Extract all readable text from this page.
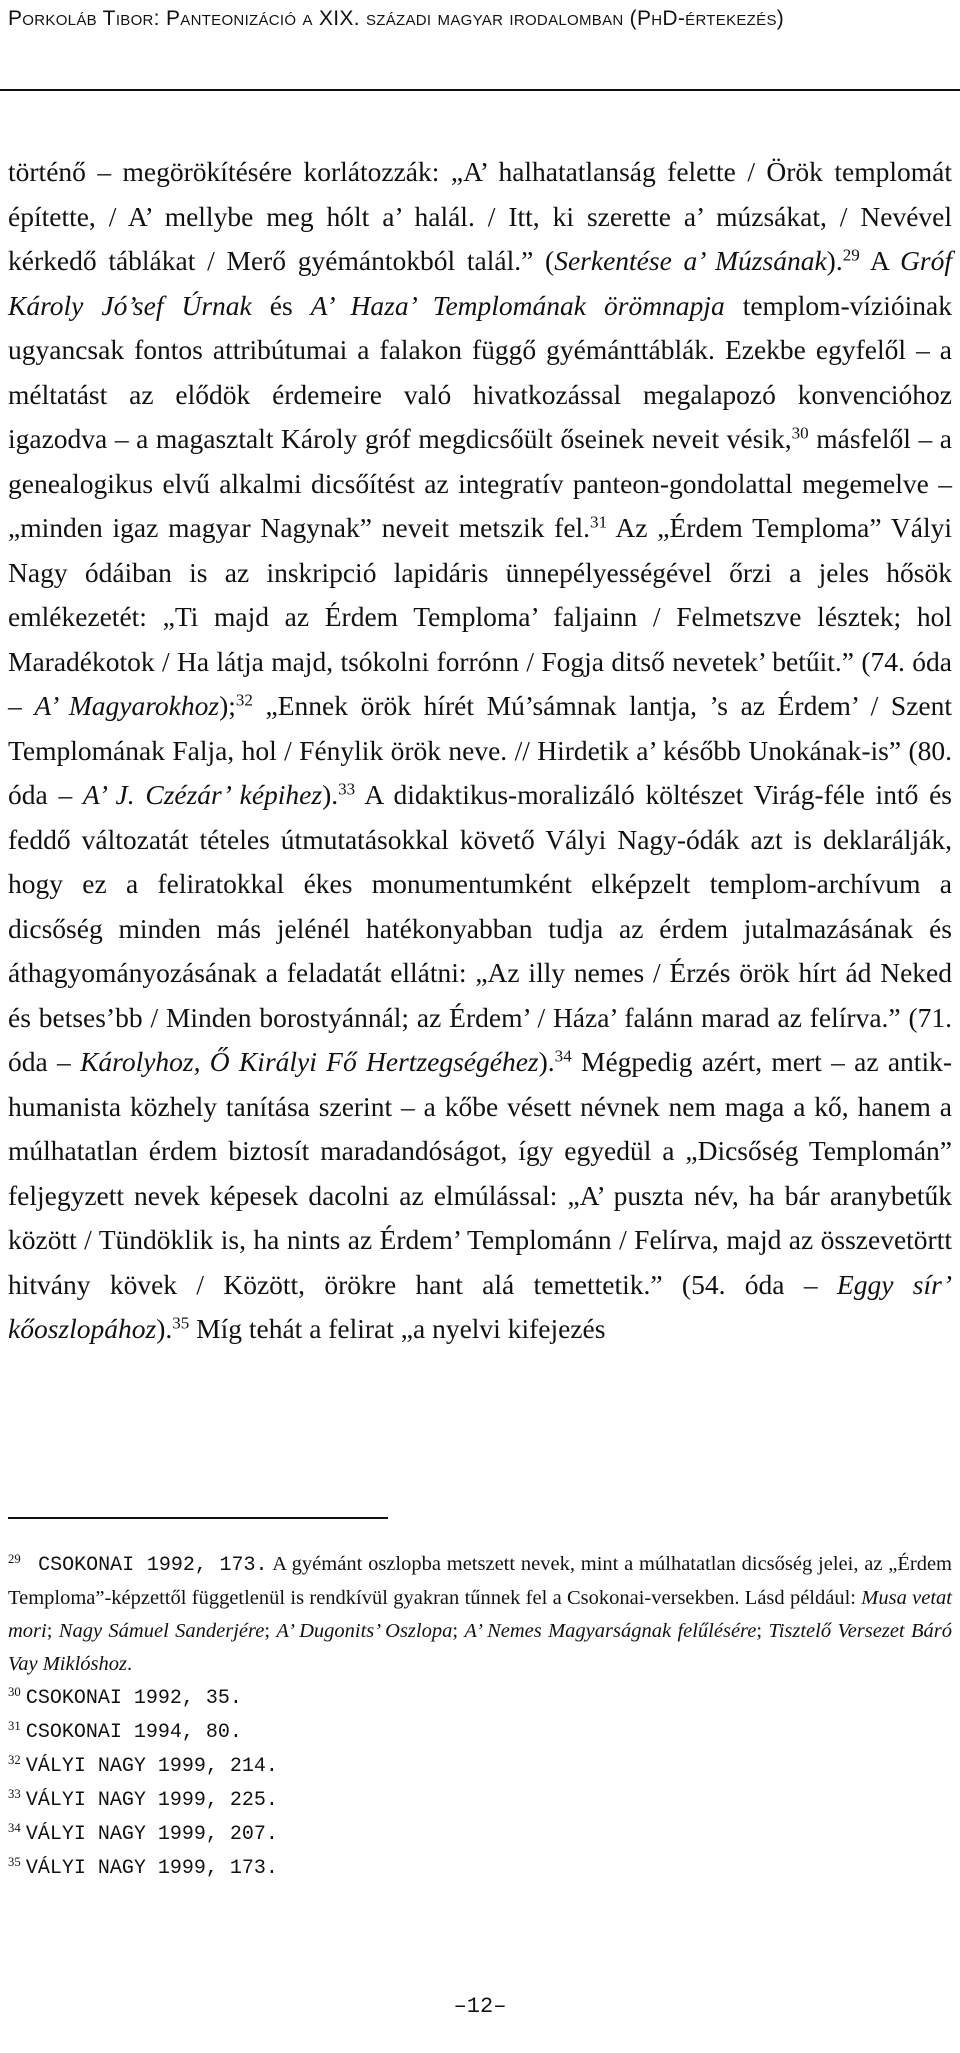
Porkoláb Tibor: Panteonizáció a XIX. századi magyar irodalomban (PhD-értekezés)

történő – megörökítésére korlátozzák: „A’ halhatatlanság felette / Örök templomát építette, / A’ mellybe meg hólt a’ halál. / Itt, ki szerette a’ múzsákat, / Nevével kérkedő táblákat / Merő gyémántokból talál.” (Serkentése a’ Múzsának).$^{29}$ A Gróf Károly Jó’sef Úrnak és A’ Haza’ Templomának örömnapja templom-vízióinak ugyancsak fontos attribútumai a falakon függő gyémánttáblák. Ezekbe egyfelől – a méltatást az elődök érdemeire való hivatkozással megalapozó konvencióhoz igazodva – a magasztalt Károly gróf megdicsőült őseinek neveit vésik,$^{30}$ másfelől – a genealogikus elvű alkalmi dicsőítést az integratív panteon-gondolattal megemelve – „minden igaz magyar Nagynak” neveit metszik fel.$^{31}$ Az „Érdem Temploma” Vályi Nagy ódáiban is az inskripció lapidáris ünnepélyességével őrzi a jeles hősök emlékezetét: „Ti majd az Érdem Temploma’ faljainn / Felmetszve lésztek; hol Maradékotok / Ha látja majd, tsókolni forrónn / Fogja ditső nevetek’ betűit.” (74. óda – A’ Magyarokhoz);$^{32}$ „Ennek örök hírét Mú’sámnak lantja, ’s az Érdem’ / Szent Templomának Falja, hol / Fénylik örök neve. // Hirdetik a’ később Unokának-is” (80. óda – A’ J. Czézár’ képihez).$^{33}$ A didaktikus-moralizáló költészet Virág-féle intő és feddő változatát tételes útmutatásokkal követő Vályi Nagy-ódák azt is deklarálják, hogy ez a feliratokkal ékes monumentumként elképzelt templom-archívum a dicsőség minden más jelénél hatékonyabban tudja az érdem jutalmazásának és áthagyományozásának a feladatát ellátni: „Az illy nemes / Érzés örök hírt ád Neked és betses’bb / Minden borostyánnál; az Érdem’ / Háza’ falánn marad az felírva.” (71. óda – Károlyhoz, Ő Királyi Fő Hertzegségéhez).$^{34}$ Mégpedig azért, mert – az antik-humanista közhely tanítása szerint – a kőbe vésett névnek nem maga a kő, hanem a múlhatatlan érdem biztosít maradandóságot, így egyedül a „Dicsőség Templomán” feljegyzett nevek képesek dacolni az elmúlással: „A’ puszta név, ha bár aranybetűk között / Tündöklik is, ha nints az Érdem’ Templománn / Felírva, majd az összevetörtt hitvány kövek / Között, örökre hant alá temettetik.” (54. óda – Eggy sír’ kőoszlopához).$^{35}$ Míg tehát a felirat „a nyelvi kifejezés

$^{29}$ CSOKONAI 1992, 173. A gyémánt oszlopba metszett nevek, mint a múlhatatlan dicsőség jelei, az „Érdem Temploma”-képzettől függetlenül is rendkívül gyakran tűnnek fel a Csokonai-versekben. Lásd például: Musa vetat mori; Nagy Sámuel Sanderjére; A’ Dugonits’ Oszlopa; A’ Nemes Magyarságnak felűlésére; Tisztelő Versezet Báró Vay Miklóshoz.

$^{30}$ CSOKONAI 1992, 35.

$^{31}$ CSOKONAI 1994, 80.

$^{32}$ VÁLYI NAGY 1999, 214.

$^{33}$ VÁLYI NAGY 1999, 225.

$^{34}$ VÁLYI NAGY 1999, 207.

$^{35}$ VÁLYI NAGY 1999, 173.

–12–
